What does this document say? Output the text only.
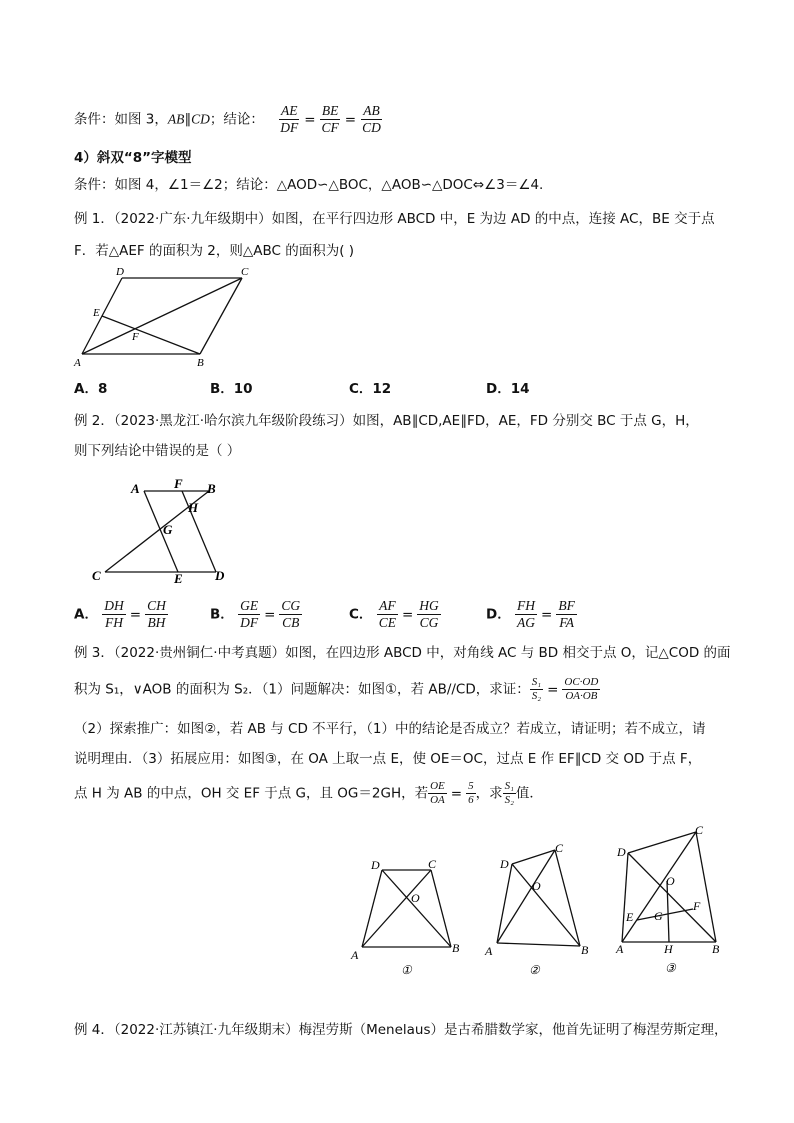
条件：如图 3，AB∥CD；结论： $\frac{AE}{DF} = \frac{BE}{CF} = \frac{AB}{CD}$
4）斜双“8”字模型
条件：如图 4，∠1＝∠2；结论：△AOD∽△BOC，△AOB∽△DOC⇔∠3＝∠4.
例 1．（2022·广东·九年级期中）如图，在平行四边形 ABCD 中，E 为边 AD 的中点，连接 AC，BE 交于点
F．若△AEF 的面积为 2，则△ABC 的面积为( )
D	C
E
F
A	B
A．8	B．10	C．12	D．14
例 2．（2023·黑龙江·哈尔滨九年级阶段练习）如图，AB∥CD,AE∥FD，AE，FD 分别交 BC 于点 G，H，
则下列结论中错误的是（ ）
A	F B
H
G
C	E D
A． $\frac{DH}{FH} = \frac{CH}{BH}$	B． $\frac{GE}{DF} = \frac{CG}{CB}$	C． $\frac{AF}{CE} = \frac{HG}{CG}$	D． $\frac{FH}{AG} = \frac{BF}{FA}$
例 3．（2022·贵州铜仁·中考真题）如图，在四边形 ABCD 中，对角线 AC 与 BD 相交于点 O，记△COD 的面
积为 S₁，∨AOB 的面积为 S₂．（1）问题解决：如图①，若 AB//CD，求证： $\frac{\text{S₁}}{\text{S₂}} = \frac{OC\cdot OD}{OA\cdot OB}$
（2）探索推广：如图②，若 AB 与 CD 不平行，（1）中的结论是否成立？若成立，请证明；若不成立，请
说明理由．（3）拓展应用：如图③，在 OA 上取一点 E，使 OE＝OC，过点 E 作 EF∥CD 交 OD 于点 F，
点 H 为 AB 的中点，OH 交 EF 于点 G，且 OG＝2GH，若 $\frac{OE}{OA} = \frac{5}{6}$ ，求 $\frac{\text{S₁}}{\text{S₂}}$ 值．
D	C
O
A	B
①
D
C
O
A	B
②
D
C
O
E G
F
A	H	B
③
例 4．（2022·江苏镇江·九年级期末）梅涅劳斯（Menelaus）是古希腊数学家，他首先证明了梅涅劳斯定理，
